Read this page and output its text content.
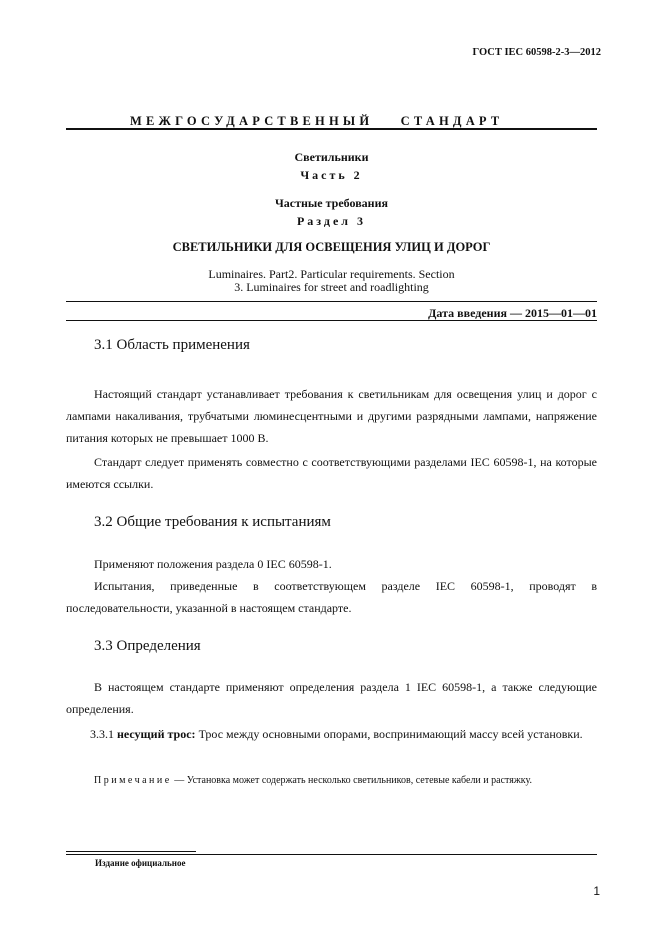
ГОСТ IEC 60598-2-3—2012
МЕЖГОСУДАРСТВЕННЫЙ СТАНДАРТ
Светильники
Часть 2
Частные требования
Раздел 3
СВЕТИЛЬНИКИ ДЛЯ ОСВЕЩЕНИЯ УЛИЦ И ДОРОГ
Luminaires. Part2. Particular requirements. Section
3. Luminaires for street and roadlighting
Дата введения — 2015—01—01
3.1 Область применения
Настоящий стандарт устанавливает требования к светильникам для освещения улиц и дорог с лампами накаливания, трубчатыми люминесцентными и другими разрядными лампами, напряжение питания которых не превышает 1000 В.
Стандарт следует применять совместно с соответствующими разделами IEC 60598-1, на которые имеются ссылки.
3.2 Общие требования к испытаниям
Применяют положения раздела 0 IEC 60598-1.
Испытания, приведенные в соответствующем разделе IEC 60598-1, проводят в последовательности, указанной в настоящем стандарте.
3.3 Определения
В настоящем стандарте применяют определения раздела 1 IEC 60598-1, а также следующие определения.
3.3.1 несущий трос: Трос между основными опорами, воспринимающий массу всей установки.
Примечание — Установка может содержать несколько светильников, сетевые кабели и растяжку.
Издание официальное
1
